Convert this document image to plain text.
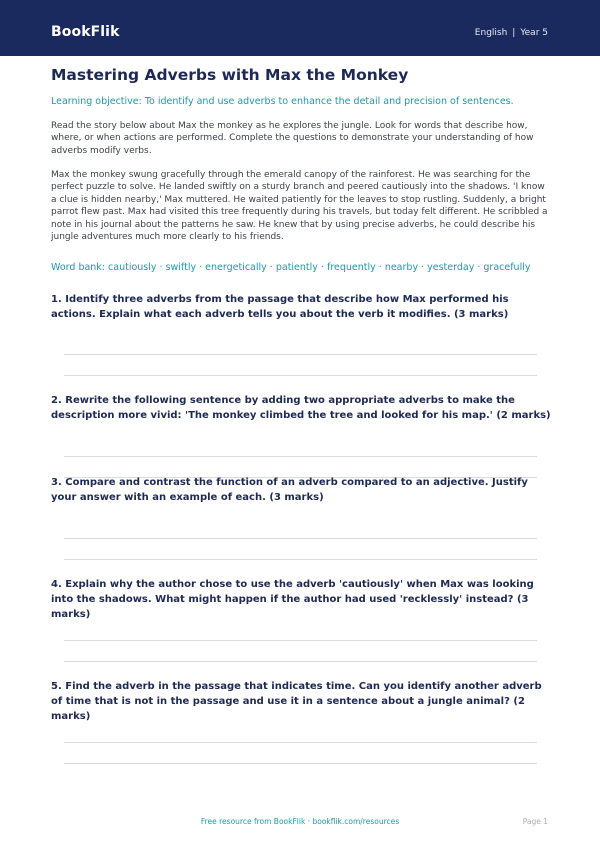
BookFlik	English | Year 5
Mastering Adverbs with Max the Monkey
Learning objective: To identify and use adverbs to enhance the detail and precision of sentences.
Read the story below about Max the monkey as he explores the jungle. Look for words that describe how, where, or when actions are performed. Complete the questions to demonstrate your understanding of how adverbs modify verbs.
Max the monkey swung gracefully through the emerald canopy of the rainforest. He was searching for the perfect puzzle to solve. He landed swiftly on a sturdy branch and peered cautiously into the shadows. 'I know a clue is hidden nearby,' Max muttered. He waited patiently for the leaves to stop rustling. Suddenly, a bright parrot flew past. Max had visited this tree frequently during his travels, but today felt different. He scribbled a note in his journal about the patterns he saw. He knew that by using precise adverbs, he could describe his jungle adventures much more clearly to his friends.
Word bank: cautiously · swiftly · energetically · patiently · frequently · nearby · yesterday · gracefully
1. Identify three adverbs from the passage that describe how Max performed his actions. Explain what each adverb tells you about the verb it modifies. (3 marks)
2. Rewrite the following sentence by adding two appropriate adverbs to make the description more vivid: 'The monkey climbed the tree and looked for his map.' (2 marks)
3. Compare and contrast the function of an adverb compared to an adjective. Justify your answer with an example of each. (3 marks)
4. Explain why the author chose to use the adverb 'cautiously' when Max was looking into the shadows. What might happen if the author had used 'recklessly' instead? (3 marks)
5. Find the adverb in the passage that indicates time. Can you identify another adverb of time that is not in the passage and use it in a sentence about a jungle animal? (2 marks)
Free resource from BookFlik · bookflik.com/resources	Page 1
